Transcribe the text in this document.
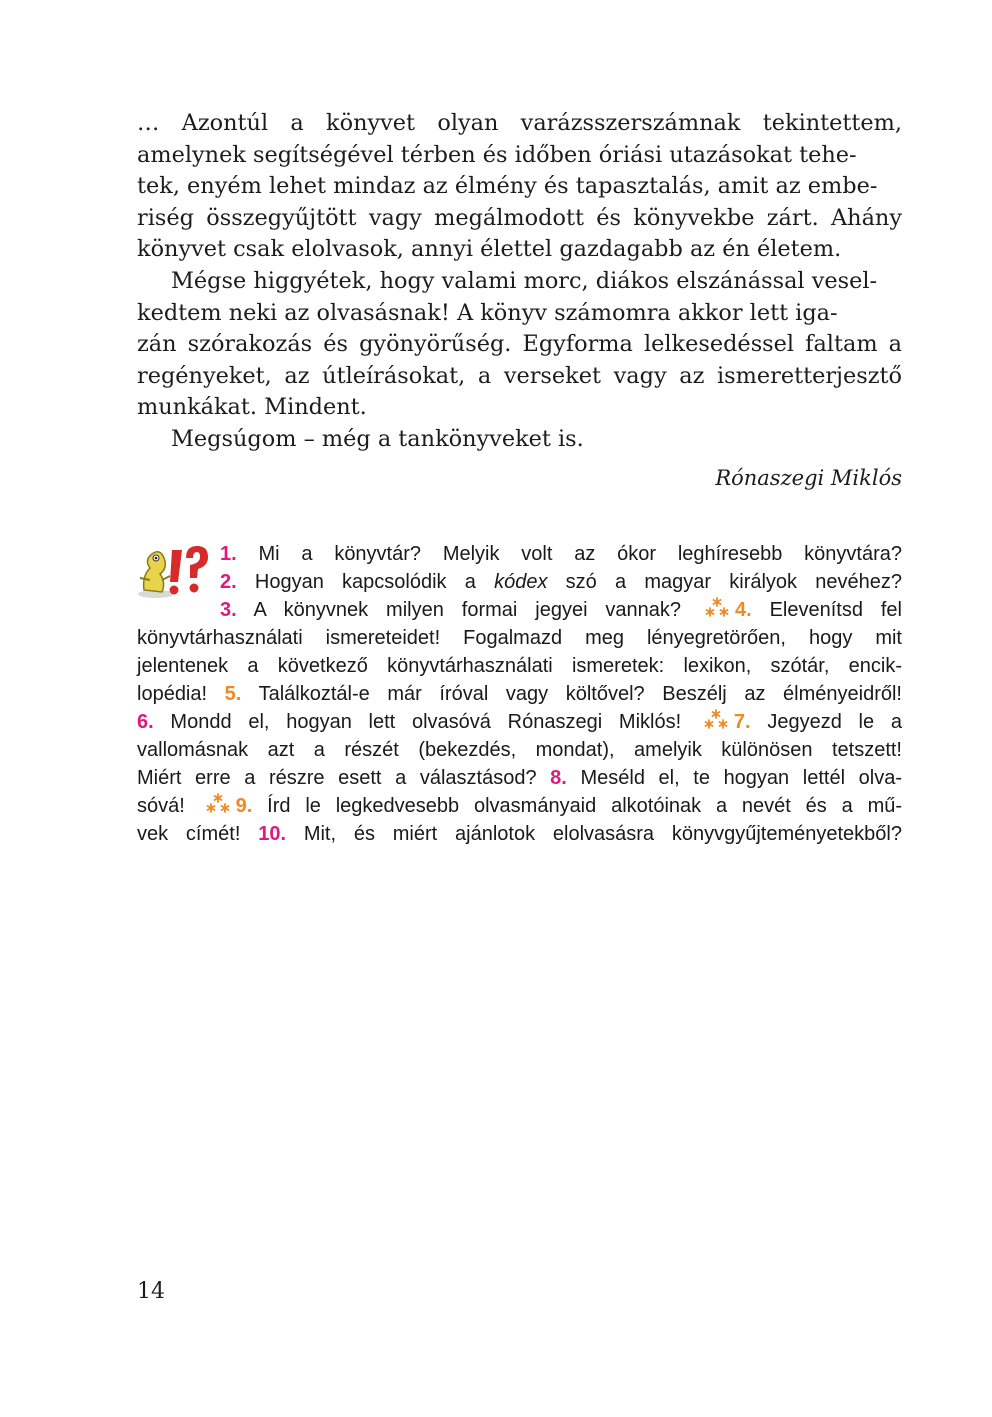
… Azontúl a könyvet olyan varázsszerszámnak tekintettem, amelynek segítségével térben és időben óriási utazásokat tehe-
tek, enyém lehet mindaz az élmény és tapasztalás, amit az embe-
riség összegyűjtött vagy megálmodott és könyvekbe zárt. Ahány könyvet csak elolvasok, annyi élettel gazdagabb az én életem.

Mégse higgyétek, hogy valami morc, diákos elszánással vesel-
kedtem neki az olvasásnak! A könyv számomra akkor lett iga-
zán szórakozás és gyönyörűség. Egyforma lelkesedéssel faltam a regényeket, az útleírásokat, a verseket vagy az ismeretterjesztő munkákat. Mindent.

Megsúgom – még a tankönyveket is.

Rónaszegi Miklós
1. Mi a könyvtár? Melyik volt az ókor leghíresebb könyvtára?
2. Hogyan kapcsolódik a kódex szó a magyar királyok nevéhez?
3. A könyvnek milyen formai jegyei vannak? 4. Elevenítsd fel
könyvtárhasználati ismereteidet! Fogalmazd meg lényegretörően, hogy mit
jelentenek a következő könyvtárhasználati ismeretek: lexikon, szótár, encik-
lopédia! 5. Találkoztál-e már íróval vagy költővel? Beszélj az élményeidről!
6. Mondd el, hogyan lett olvasóvá Rónaszegi Miklós! 7. Jegyezd le a
vallomásnak azt a részét (bekezdés, mondat), amelyik különösen tetszett!
Miért erre a részre esett a választásod? 8. Meséld el, te hogyan lettél olva-
sóvá! 9. Írd le legkedvesebb olvasmányaid alkotóinak a nevét és a mű-
vek címét! 10. Mit, és miért ajánlotok elolvasásra könyvgyűjteményetekből?
14
